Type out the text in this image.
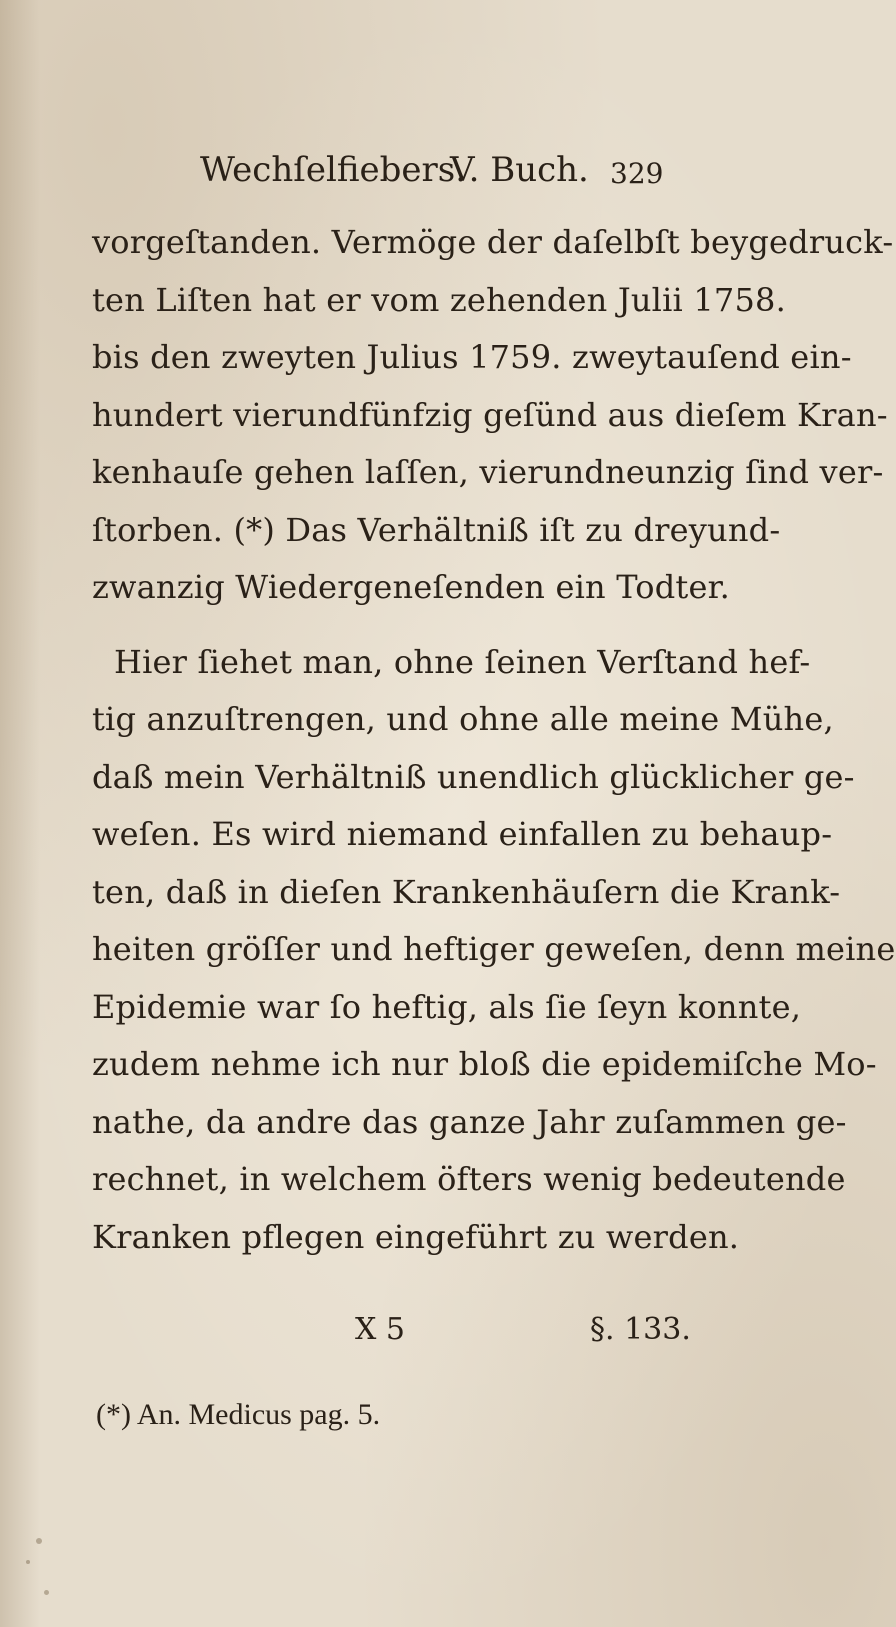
Wechſelfiebers.
V. Buch. 329
vorgeſtanden. Vermöge der daſelbſt beygedruck-
ten Liſten hat er vom zehenden Julii 1758.
bis den zweyten Julius 1759. zweytauſend ein-
hundert vierundfünfzig geſünd aus dieſem Kran-
kenhauſe gehen laſſen, vierundneunzig ſind ver-
ſtorben. (*) Das Verhältniß iſt zu dreyund-
zwanzig Wiedergeneſenden ein Todter.
Hier ſiehet man, ohne ſeinen Verſtand hef-
tig anzuſtrengen, und ohne alle meine Mühe,
daß mein Verhältniß unendlich glücklicher ge-
weſen. Es wird niemand einfallen zu behaup-
ten, daß in dieſen Krankenhäuſern die Krank-
heiten gröſſer und heftiger geweſen, denn meine
Epidemie war ſo heftig, als ſie ſeyn konnte,
zudem nehme ich nur bloß die epidemiſche Mo-
nathe, da andre das ganze Jahr zuſammen ge-
rechnet, in welchem öfters wenig bedeutende
Kranken pflegen eingeführt zu werden.
X 5	§. 133.
(*) An. Medicus pag. 5.
